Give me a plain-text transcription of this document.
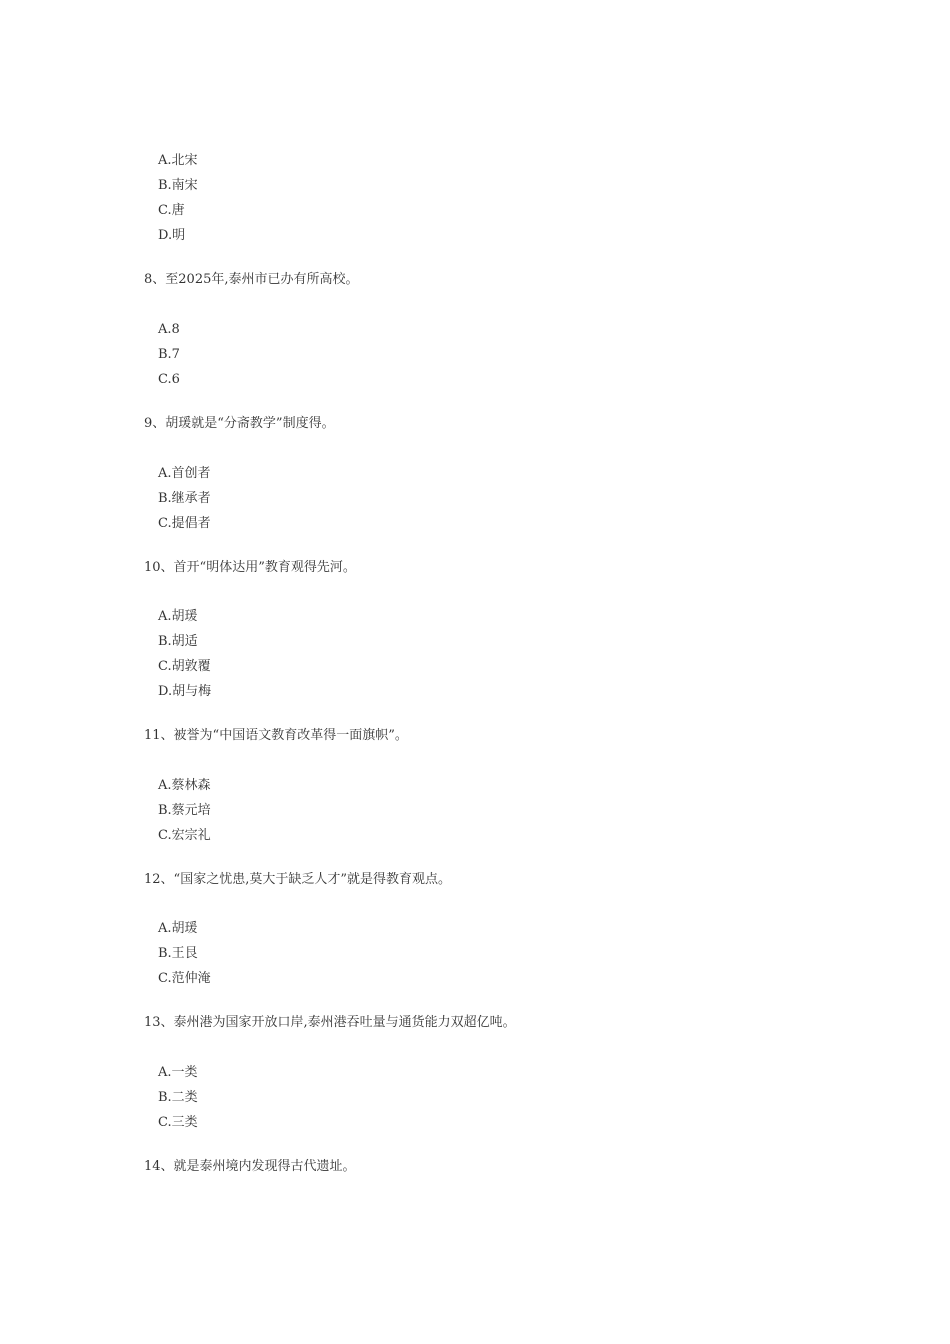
A.北宋
B.南宋
C.唐
D.明
8、至2025年,泰州市已办有所高校。
A.8
B.7
C.6
9、胡瑗就是“分斋教学”制度得。
A.首创者
B.继承者
C.提倡者
10、首开“明体达用”教育观得先河。
A.胡瑗
B.胡适
C.胡敦覆
D.胡与梅
11、被誉为“中国语文教育改革得一面旗帜”。
A.蔡林森
B.蔡元培
C.宏宗礼
12、“国家之忧患,莫大于缺乏人才”就是得教育观点。
A.胡瑗
B.王艮
C.范仲淹
13、泰州港为国家开放口岸,泰州港吞吐量与通货能力双超亿吨。
A.一类
B.二类
C.三类
14、就是泰州境内发现得古代遗址。
